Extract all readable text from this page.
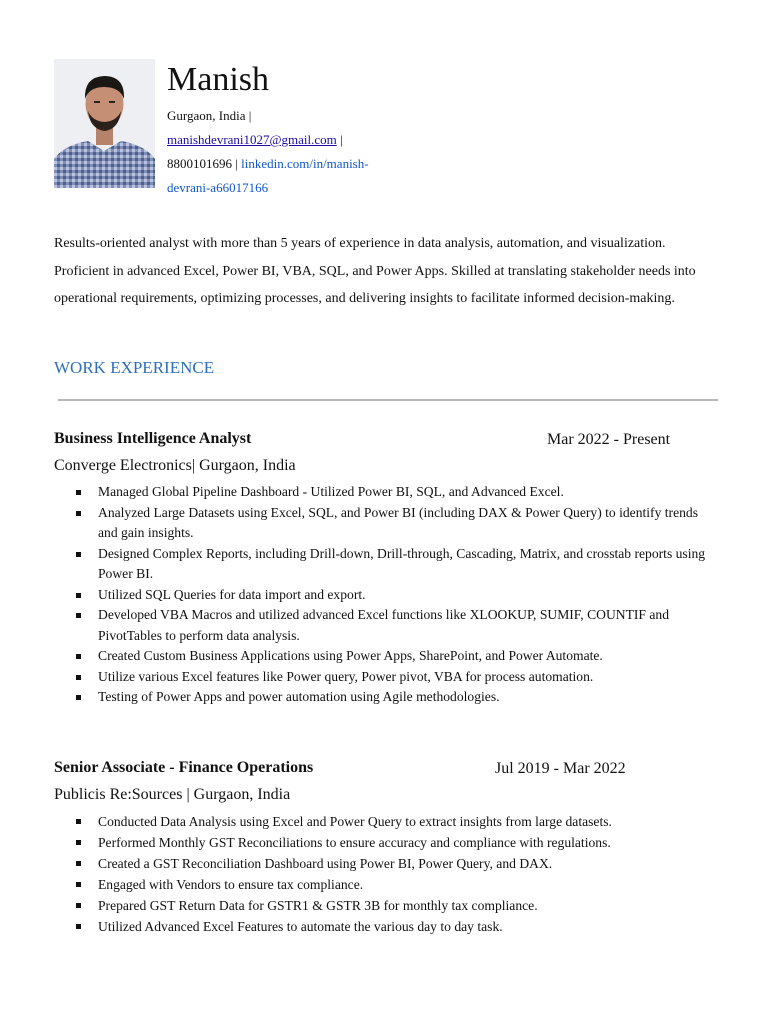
Manish
Gurgaon, India |
manishdevrani1027@gmail.com |
8800101696 | linkedin.com/in/manish-
devrani-a66017166

Results-oriented analyst with more than 5 years of experience in data analysis, automation, and visualization. Proficient in advanced Excel, Power BI, VBA, SQL, and Power Apps. Skilled at translating stakeholder needs into operational requirements, optimizing processes, and delivering insights to facilitate informed decision-making.

WORK EXPERIENCE
Business Intelligence Analyst	Mar 2022 - Present
Converge Electronics| Gurgaon, India
Managed Global Pipeline Dashboard - Utilized Power BI, SQL, and Advanced Excel.
Analyzed Large Datasets using Excel, SQL, and Power BI (including DAX & Power Query) to identify trends and gain insights.
Designed Complex Reports, including Drill-down, Drill-through, Cascading, Matrix, and crosstab reports using Power BI.
Utilized SQL Queries for data import and export.
Developed VBA Macros and utilized advanced Excel functions like XLOOKUP, SUMIF, COUNTIF and PivotTables to perform data analysis.
Created Custom Business Applications using Power Apps, SharePoint, and Power Automate.
Utilize various Excel features like Power query, Power pivot, VBA for process automation.
Testing of Power Apps and power automation using Agile methodologies.
Senior Associate - Finance Operations	Jul 2019 - Mar 2022
Publicis Re:Sources | Gurgaon, India
Conducted Data Analysis using Excel and Power Query to extract insights from large datasets.
Performed Monthly GST Reconciliations to ensure accuracy and compliance with regulations.
Created a GST Reconciliation Dashboard using Power BI, Power Query, and DAX.
Engaged with Vendors to ensure tax compliance.
Prepared GST Return Data for GSTR1 & GSTR 3B for monthly tax compliance.
Utilized Advanced Excel Features to automate the various day to day task.
